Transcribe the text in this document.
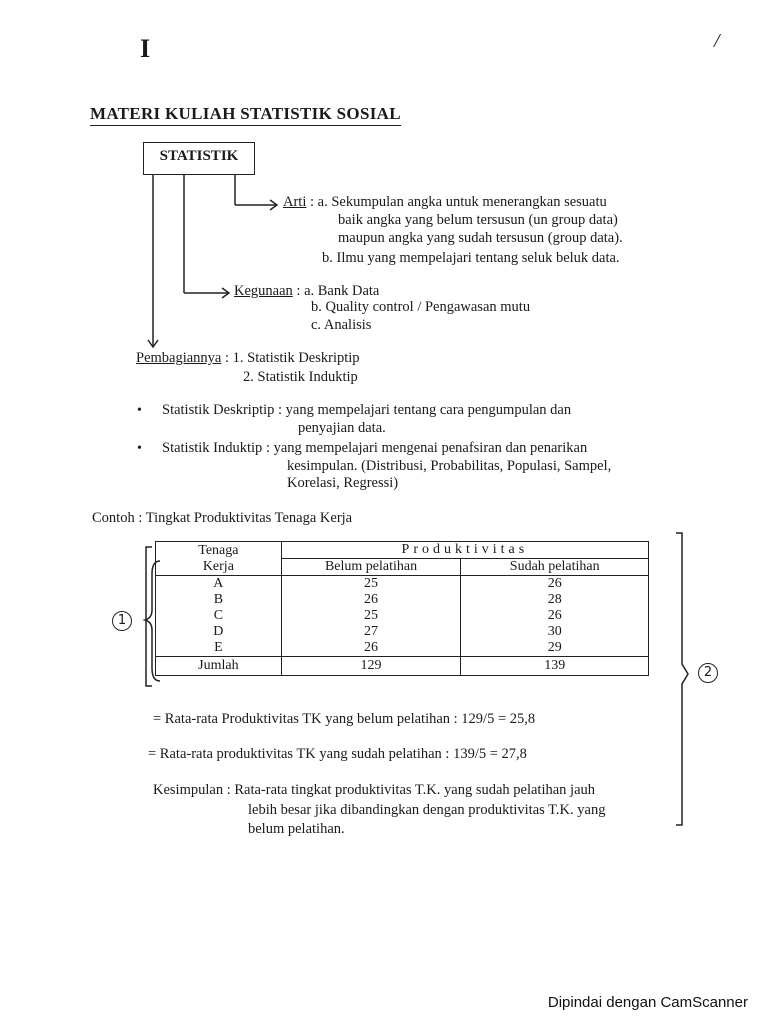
I	/
MATERI KULIAH STATISTIK SOSIAL
STATISTIK
Arti : a. Sekumpulan angka untuk menerangkan sesuatu
baik angka yang belum tersusun (un group data)
maupun angka yang sudah tersusun (group data).
b. Ilmu yang mempelajari tentang seluk beluk data.
Kegunaan : a. Bank Data
b. Quality control / Pengawasan mutu
c. Analisis
Pembagiannya : 1. Statistik Deskriptip
2. Statistik Induktip
• Statistik Deskriptip : yang mempelajari tentang cara pengumpulan dan
penyajian data.
• Statistik Induktip : yang mempelajari mengenai penafsiran dan penarikan
kesimpulan. (Distribusi, Probabilitas, Populasi, Sampel,
Korelasi, Regressi)
Contoh : Tingkat Produktivitas Tenaga Kerja
Tenaga
Kerja	Produktivitas	
	Belum pelatihan	Sudah pelatihan
A	25	26
B	26	28
C	25	26
D	27	30
E	26	29
Jumlah	129	139
1
2
= Rata-rata Produktivitas TK yang belum pelatihan : 129/5 = 25,8
= Rata-rata produktivitas TK yang sudah pelatihan : 139/5 = 27,8
Kesimpulan : Rata-rata tingkat produktivitas T.K. yang sudah pelatihan jauh
lebih besar jika dibandingkan dengan produktivitas T.K. yang
belum pelatihan.
Dipindai dengan CamScanner
